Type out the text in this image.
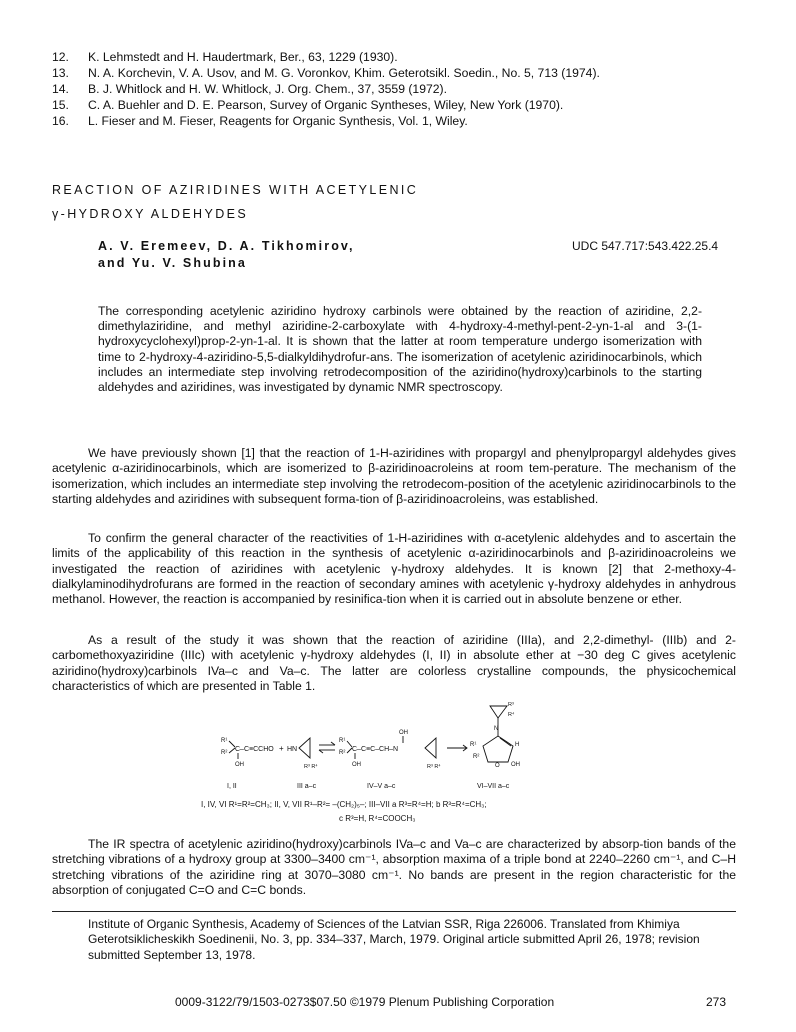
12. K. Lehmstedt and H. Haudertmark, Ber., 63, 1229 (1930).
13. N. A. Korchevin, V. A. Usov, and M. G. Voronkov, Khim. Geterotsikl. Soedin., No. 5, 713 (1974).
14. B. J. Whitlock and H. W. Whitlock, J. Org. Chem., 37, 3559 (1972).
15. C. A. Buehler and D. E. Pearson, Survey of Organic Syntheses, Wiley, New York (1970).
16. L. Fieser and M. Fieser, Reagents for Organic Synthesis, Vol. 1, Wiley.
REACTION OF AZIRIDINES WITH ACETYLENIC
γ-HYDROXY ALDEHYDES
A. V. Eremeev, D. A. Tikhomirov,
and Yu. V. Shubina
UDC 547.717:543.422.25.4
The corresponding acetylenic aziridino hydroxy carbinols were obtained by the reaction of aziridine, 2,2-dimethylaziridine, and methyl aziridine-2-carboxylate with 4-hydroxy-4-methyl-pent-2-yn-1-al and 3-(1-hydroxycyclohexyl)prop-2-yn-1-al. It is shown that the latter at room temperature undergo isomerization with time to 2-hydroxy-4-aziridino-5,5-dialkyldihydrofur-ans. The isomerization of acetylenic aziridinocarbinols, which includes an intermediate step involving retrodecomposition of the aziridino(hydroxy)carbinols to the starting aldehydes and aziridines, was investigated by dynamic NMR spectroscopy.
We have previously shown [1] that the reaction of 1-H-aziridines with propargyl and phenylpropargyl aldehydes gives acetylenic α-aziridinocarbinols, which are isomerized to β-aziridinoacroleins at room tem-perature. The mechanism of the isomerization, which includes an intermediate step involving the retrodecom-position of the acetylenic aziridinocarbinols to the starting aldehydes and aziridines with subsequent forma-tion of β-aziridinoacroleins, was established.
To confirm the general character of the reactivities of 1-H-aziridines with α-acetylenic aldehydes and to ascertain the limits of the applicability of this reaction in the synthesis of acetylenic α-aziridinocarbinols and β-aziridinoacroleins we investigated the reaction of aziridines with acetylenic γ-hydroxy aldehydes. It is known [2] that 2-methoxy-4-dialkylaminodihydrofurans are formed in the reaction of secondary amines with acetylenic γ-hydroxy aldehydes in anhydrous methanol. However, the reaction is accompanied by resinifica-tion when it is carried out in absolute benzene or ether.
As a result of the study it was shown that the reaction of aziridine (IIIa), and 2,2-dimethyl- (IIIb) and 2-carbomethoxyaziridine (IIIc) with acetylenic γ-hydroxy aldehydes (I, II) in absolute ether at −30 deg C gives acetylenic aziridino(hydroxy)carbinols IVa–c and Va–c. The latter are colorless crystalline compounds, the physicochemical characteristics of which are presented in Table 1.
R¹
R² C–C≡CCHO
OH
+ HN
R³ R⁴
R¹
R² C–C≡C–CH–N
OH
OH	R³ R⁴
R³
R⁴
N
R¹
R²
O
H
OH
I, II	III a–c	IV–V a–c	VI–VII a–c
I, IV, VI R¹=R²=CH₃; II, V, VII R¹–R²= –(CH₂)₅–; III–VII a R³=R⁴=H; b R³=R⁴=CH₃;
c R³=H, R⁴=COOCH₃
The IR spectra of acetylenic aziridino(hydroxy)carbinols IVa–c and Va–c are characterized by absorp-tion bands of the stretching vibrations of a hydroxy group at 3300–3400 cm⁻¹, absorption maxima of a triple bond at 2240–2260 cm⁻¹, and C–H stretching vibrations of the aziridine ring at 3070–3080 cm⁻¹. No bands are present in the region characteristic for the absorption of conjugated C=O and C=C bonds.
Institute of Organic Synthesis, Academy of Sciences of the Latvian SSR, Riga 226006. Translated from Khimiya Geterotsiklicheskikh Soedinenii, No. 3, pp. 334–337, March, 1979. Original article submitted April 26, 1978; revision submitted September 13, 1978.
0009-3122/79/1503-0273$07.50 ©1979 Plenum Publishing Corporation	273
